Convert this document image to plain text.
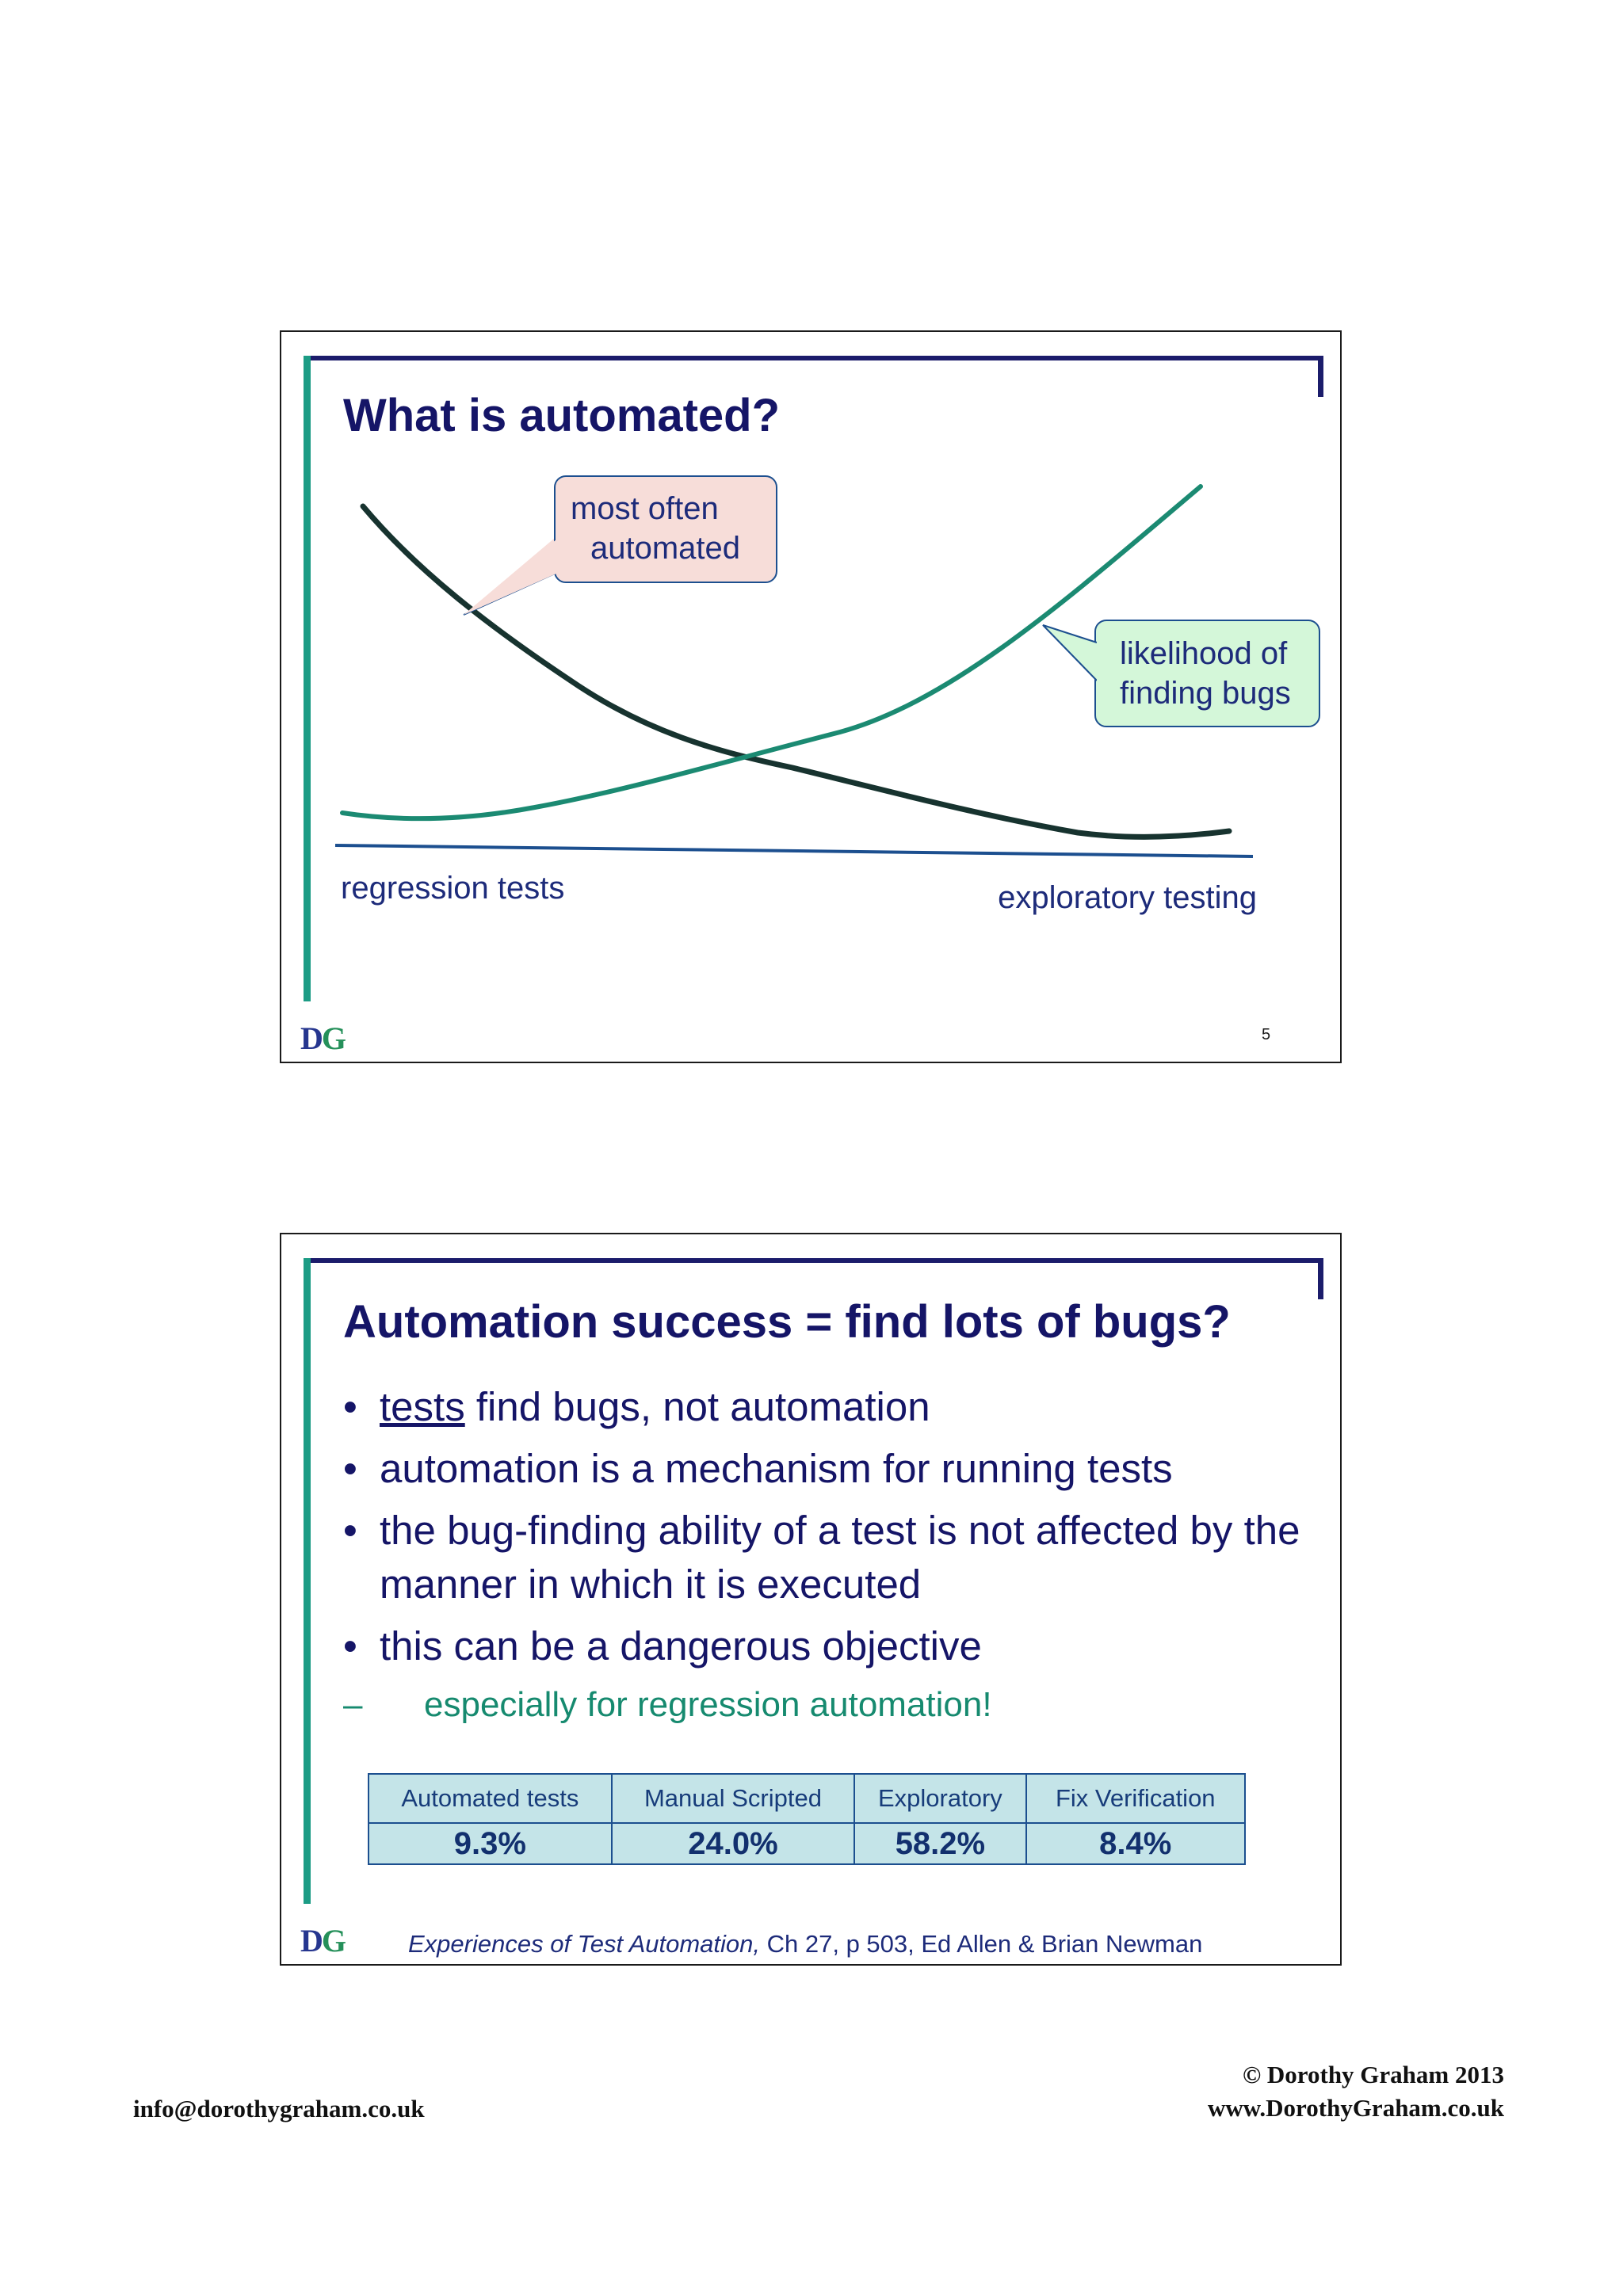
What is automated?
most often
automated
likelihood of
finding bugs
regression tests	exploratory testing
DG	5
Automation success = find lots of bugs?
• tests find bugs, not automation
• automation is a mechanism for running tests
• the bug-finding ability of a test is not affected by the manner in which it is executed
• this can be a dangerous objective
– especially for regression automation!
Automated tests	Manual Scripted	Exploratory	Fix Verification
9.3%	24.0%	58.2%	8.4%
DG	Experiences of Test Automation, Ch 27, p 503, Ed Allen & Brian Newman
© Dorothy Graham 2013
www.DorothyGraham.co.uk
info@dorothygraham.co.uk
